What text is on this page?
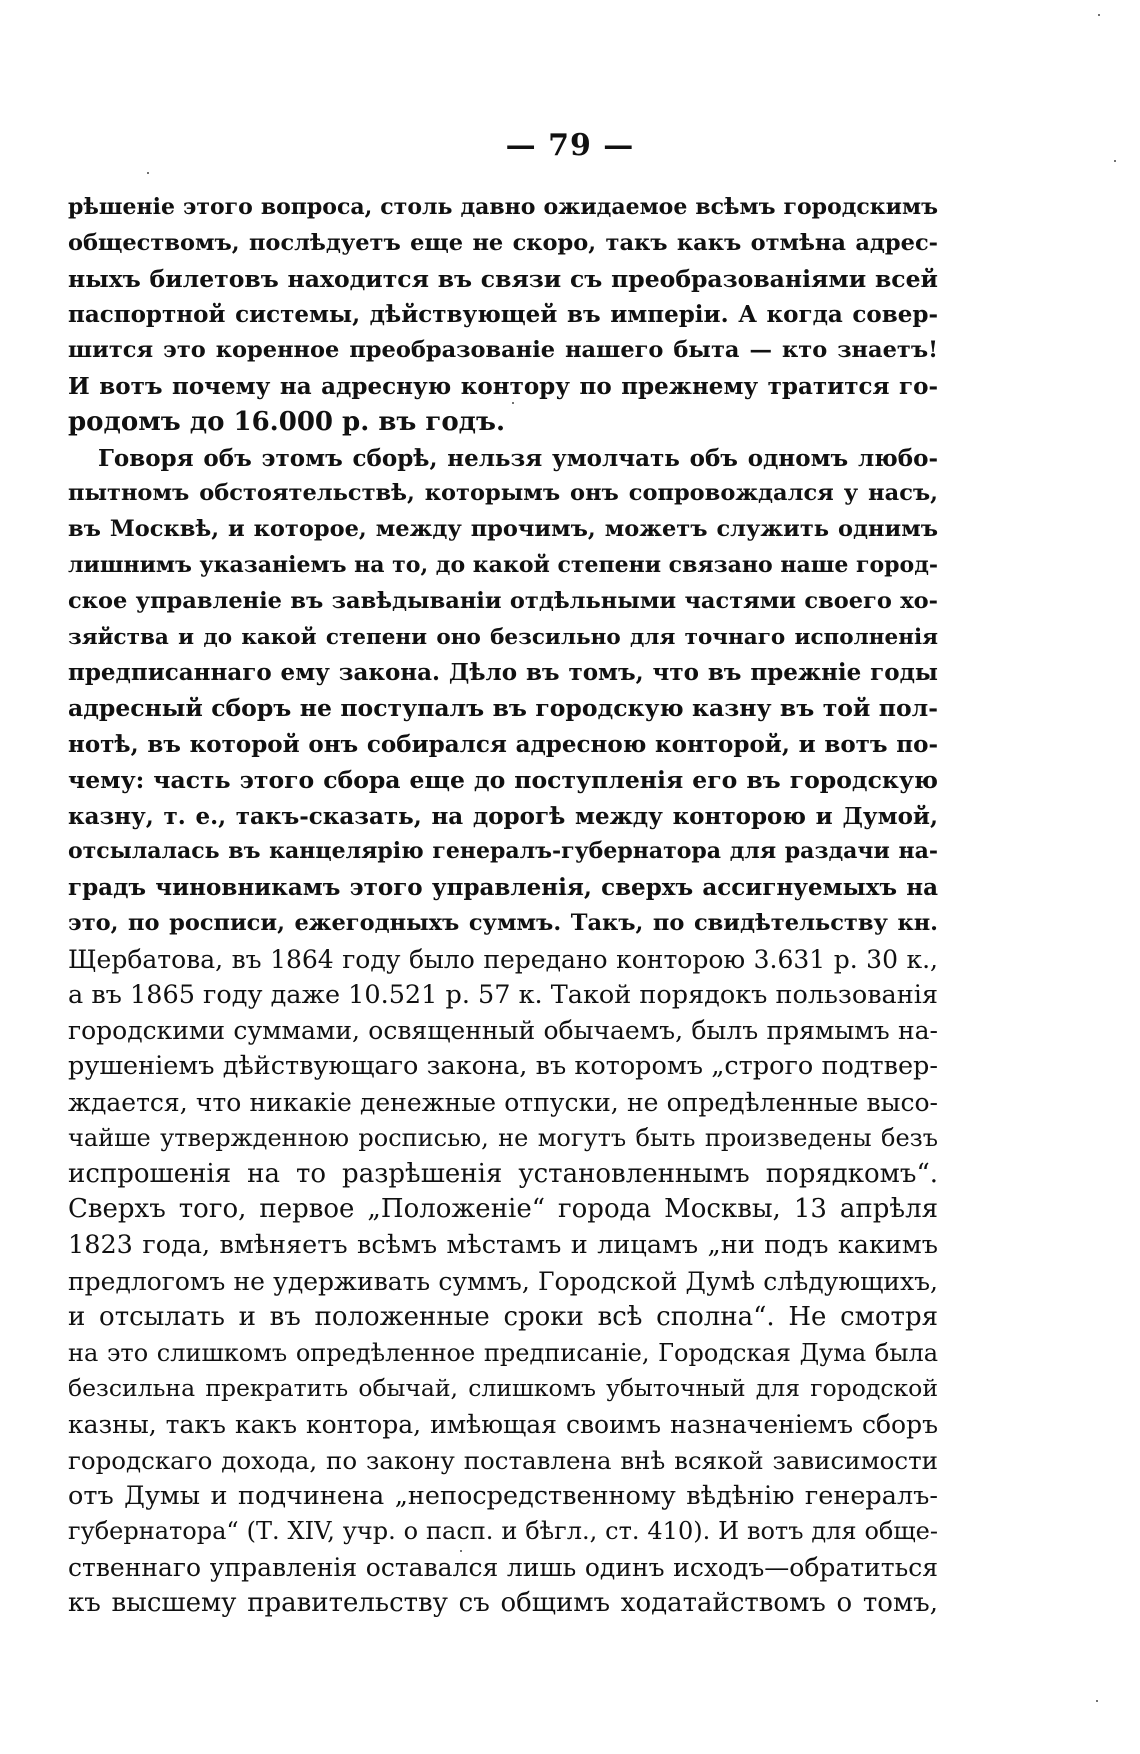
— 79 —
рѣшеніе этого вопроса, столь давно ожидаемое всѣмъ городскимъ
обществомъ, послѣдуетъ еще не скоро, такъ какъ отмѣна адрес-
ныхъ билетовъ находится въ связи съ преобразованіями всей
паспортной системы, дѣйствующей въ имперіи. А когда совер-
шится это коренное преобразованіе нашего быта — кто знаетъ!
И вотъ почему на адресную контору по прежнему тратится го-
родомъ до 16.000 р. въ годъ.
Говоря объ этомъ сборѣ, нельзя умолчать объ одномъ любо-
пытномъ обстоятельствѣ, которымъ онъ сопровождался у насъ,
въ Москвѣ, и которое, между прочимъ, можетъ служить однимъ
лишнимъ указаніемъ на то, до какой степени связано наше город-
ское управленіе въ завѣдываніи отдѣльными частями своего хо-
зяйства и до какой степени оно безсильно для точнаго исполненія
предписаннаго ему закона. Дѣло въ томъ, что въ прежніе годы
адресный сборъ не поступалъ въ городскую казну въ той пол-
нотѣ, въ которой онъ собирался адресною конторой, и вотъ по-
чему: часть этого сбора еще до поступленія его въ городскую
казну, т. е., такъ-сказать, на дорогѣ между конторою и Думой,
отсылалась въ канцелярію генералъ-губернатора для раздачи на-
градъ чиновникамъ этого управленія, сверхъ ассигнуемыхъ на
это, по росписи, ежегодныхъ суммъ. Такъ, по свидѣтельству кн.
Щербатова, въ 1864 году было передано конторою 3.631 р. 30 к.,
а въ 1865 году даже 10.521 р. 57 к. Такой порядокъ пользованія
городскими суммами, освященный обычаемъ, былъ прямымъ на-
рушеніемъ дѣйствующаго закона, въ которомъ „строго подтвер-
ждается, что никакіе денежные отпуски, не опредѣленные высо-
чайше утвержденною росписью, не могутъ быть произведены безъ
испрошенія на то разрѣшенія установленнымъ порядкомъ“.
Сверхъ того, первое „Положеніе“ города Москвы, 13 апрѣля
1823 года, вмѣняетъ всѣмъ мѣстамъ и лицамъ „ни подъ какимъ
предлогомъ не удерживать суммъ, Городской Думѣ слѣдующихъ,
и отсылать и въ положенные сроки всѣ сполна“. Не смотря
на это слишкомъ опредѣленное предписаніе, Городская Дума была
безсильна прекратить обычай, слишкомъ убыточный для городской
казны, такъ какъ контора, имѣющая своимъ назначеніемъ сборъ
городскаго дохода, по закону поставлена внѣ всякой зависимости
отъ Думы и подчинена „непосредственному вѣдѣнію генералъ-
губернатора“ (Т. XIV, учр. о пасп. и бѣгл., ст. 410). И вотъ для обще-
ственнаго управленія оставался лишь одинъ исходъ—обратиться
къ высшему правительству съ общимъ ходатайствомъ о томъ,
